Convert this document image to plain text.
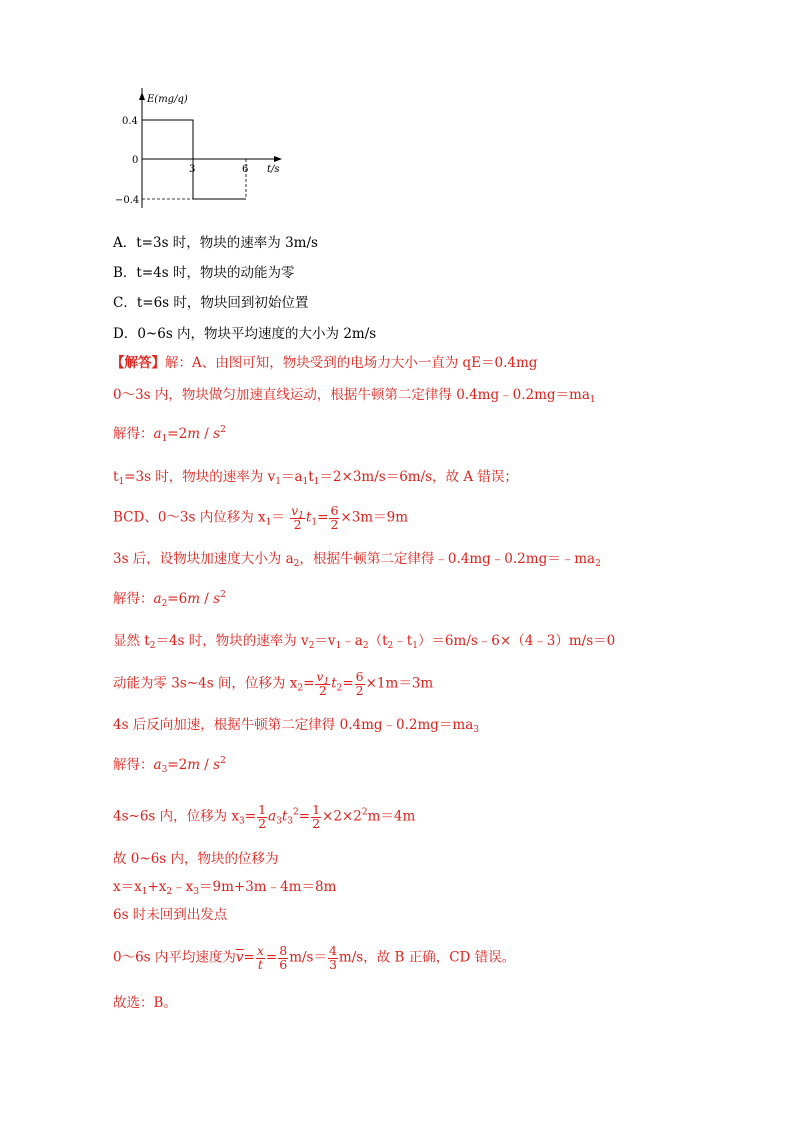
E(mg/q)
0.4
0
−0.4
3	6 t/s
A．t=3s 时，物块的速率为 3m/s
B．t=4s 时，物块的动能为零
C．t=6s 时，物块回到初始位置
D．0~6s 内，物块平均速度的大小为 2m/s
【解答】解：A、由图可知，物块受到的电场力大小一直为 qE＝0.4mg
0～3s 内，物块做匀加速直线运动，根据牛顿第二定律得 $0.4mg﹣0.2mg=ma_1$
解得：$a_1=2m / s^2$
$t_1=3s$ 时，物块的速率为 $v_1=a_1t_1=2\times 3m/s=6m/s$，故 A 错误；
BCD、0～3s 内位移为 $x_1= \frac{v_1}{2} t_1= \frac{6}{2} \times 3m=9m$
3s 后，设物块加速度大小为 $a_2$，根据牛顿第二定律得$﹣0.4mg﹣0.2mg=﹣ma_2$
解得：$a_2=6m / s^2$
显然 $t_2=4s$ 时，物块的速率为 $v_2=v_1﹣a_2(t_2﹣t_1)=6m/s﹣6\times(4﹣3)m/s=0$
动能为零 3s~4s 间，位移为 $x_2= \frac{v_1}{2} t_2= \frac{6}{2} \times 1m=3m$
4s 后反向加速，根据牛顿第二定律得 $0.4mg﹣0.2mg=ma_3$
解得：$a_3=2m / s^2$
4s~6s 内，位移为 $x_3= \frac{1}{2} a_3t_3^2= \frac{1}{2} \times 2\times 2^2m=4m$
故 0~6s 内，物块的位移为
$x=x_1+x_2﹣x_3=9m+3m﹣4m=8m$
6s 时未回到出发点
0～6s 内平均速度为$\overline{v}= \frac{x}{t} = \frac{8}{6} m/s= \frac{4}{3} m/s$，故 B 正确，CD 错误。
故选：B。
